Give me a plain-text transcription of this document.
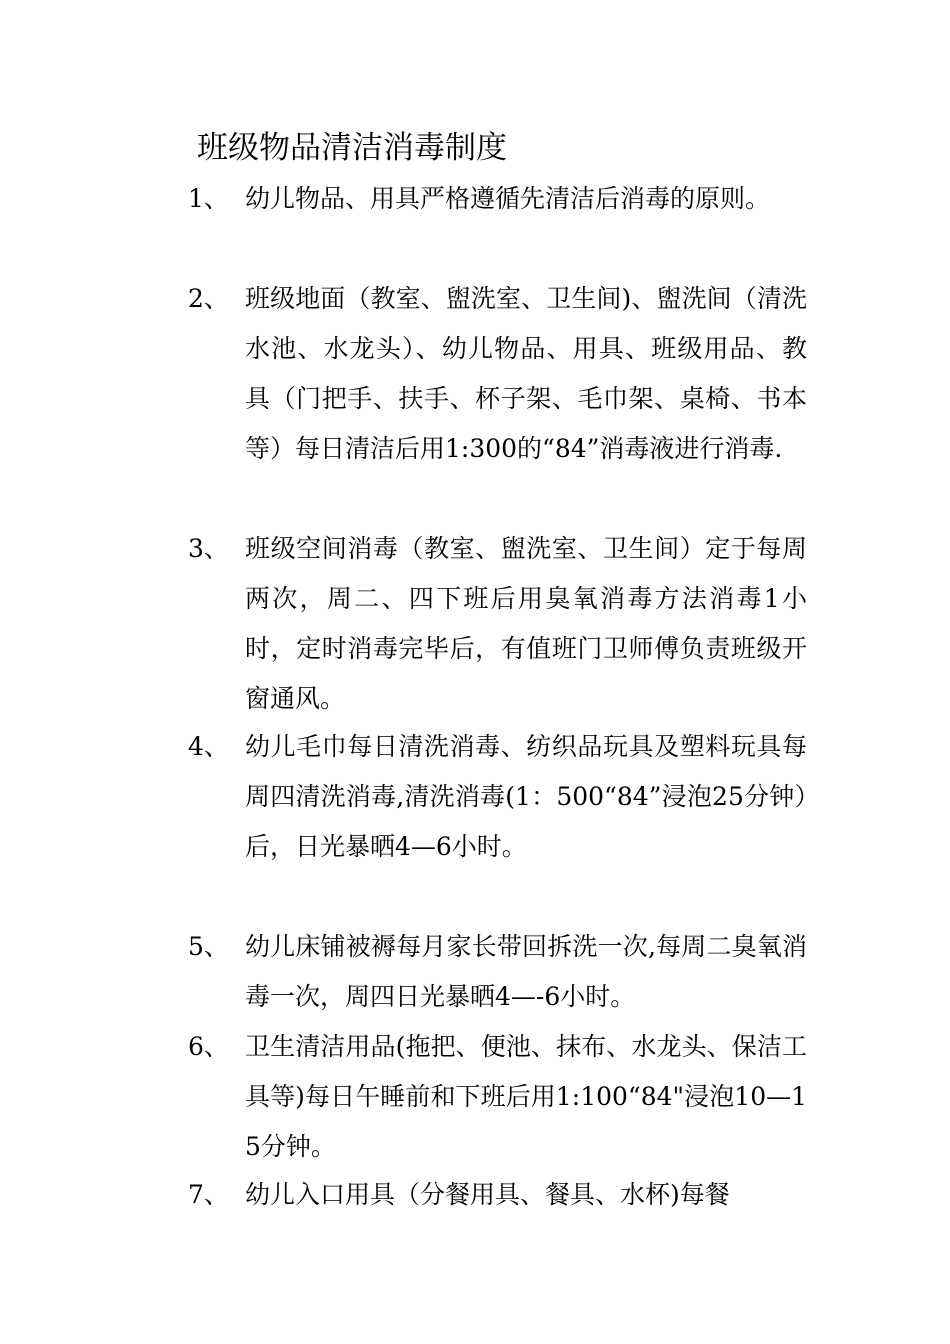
班级物品清洁消毒制度
1、 幼儿物品、用具严格遵循先清洁后消毒的原则。
2、 班级地面（教室、盥洗室、卫生间)、盥洗间（清洗水池、水龙头）、幼儿物品、用具、班级用品、教具（门把手、扶手、杯子架、毛巾架、桌椅、书本等）每日清洁后用1:300的“84”消毒液进行消毒.
3、 班级空间消毒（教室、盥洗室、卫生间）定于每周两次，周二、四下班后用臭氧消毒方法消毒1小时，定时消毒完毕后，有值班门卫师傅负责班级开窗通风。
4、 幼儿毛巾每日清洗消毒、纺织品玩具及塑料玩具每周四清洗消毒,清洗消毒(1：500“84”浸泡25分钟）后，日光暴晒4—6小时。
5、 幼儿床铺被褥每月家长带回拆洗一次,每周二臭氧消毒一次，周四日光暴晒4—-6小时。
6、 卫生清洁用品(拖把、便池、抹布、水龙头、保洁工具等)每日午睡前和下班后用1:100“84"浸泡10—15分钟。
7、 幼儿入口用具（分餐用具、餐具、水杯)每餐
